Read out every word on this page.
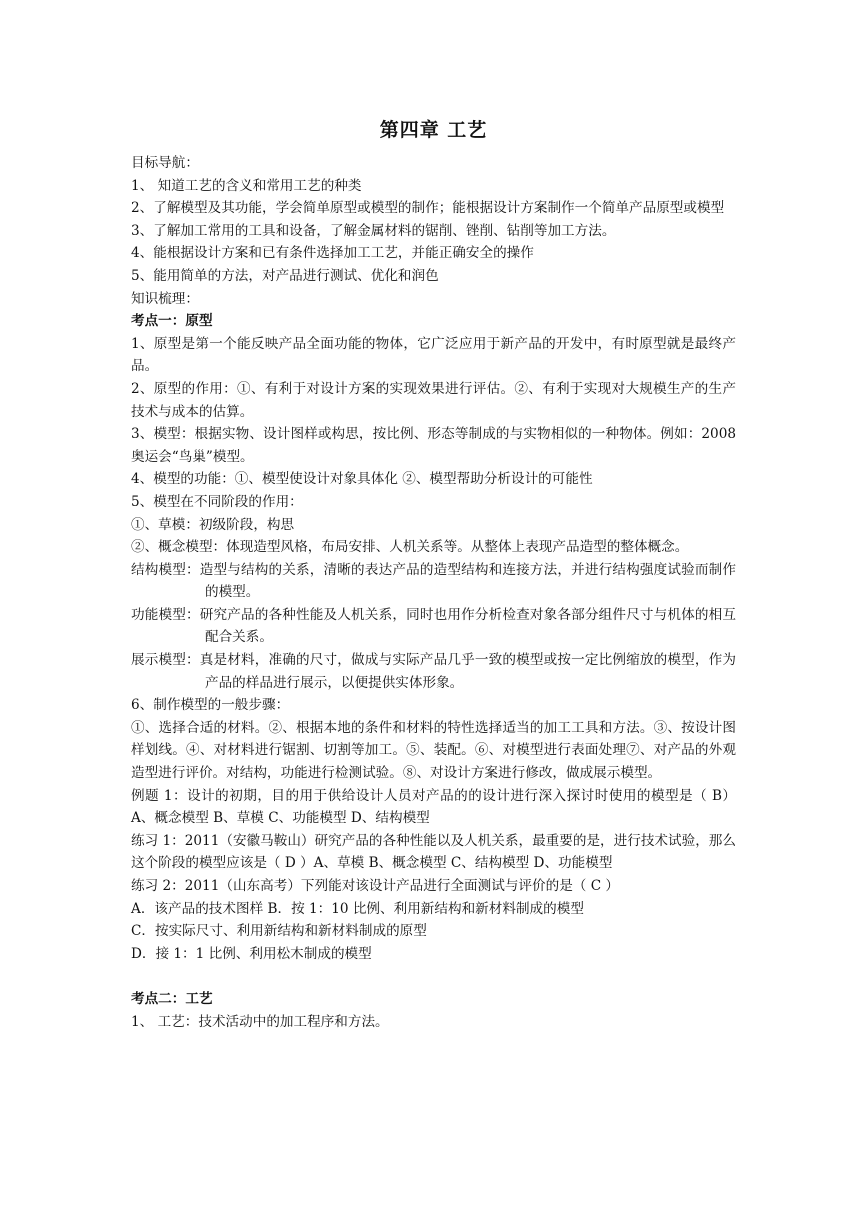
第四章 工艺

目标导航：

1、 知道工艺的含义和常用工艺的种类

2、了解模型及其功能，学会简单原型或模型的制作；能根据设计方案制作一个简单产品原型或模型

3、了解加工常用的工具和设备，了解金属材料的锯削、锉削、钻削等加工方法。

4、能根据设计方案和已有条件选择加工工艺，并能正确安全的操作

5、能用简单的方法，对产品进行测试、优化和润色

知识梳理：

考点一：原型

1、原型是第一个能反映产品全面功能的物体，它广泛应用于新产品的开发中，有时原型就是最终产品。

2、原型的作用：①、有利于对设计方案的实现效果进行评估。②、有利于实现对大规模生产的生产技术与成本的估算。

3、模型：根据实物、设计图样或构思，按比例、形态等制成的与实物相似的一种物体。例如：2008奥运会“鸟巢”模型。

4、模型的功能：①、模型使设计对象具体化 ②、模型帮助分析设计的可能性

5、模型在不同阶段的作用：

①、草模：初级阶段，构思

②、概念模型：体现造型风格，布局安排、人机关系等。从整体上表现产品造型的整体概念。

结构模型：造型与结构的关系，清晰的表达产品的造型结构和连接方法，并进行结构强度试验而制作的模型。

功能模型：研究产品的各种性能及人机关系，同时也用作分析检查对象各部分组件尺寸与机体的相互配合关系。

展示模型：真是材料，准确的尺寸，做成与实际产品几乎一致的模型或按一定比例缩放的模型，作为产品的样品进行展示，以便提供实体形象。

6、制作模型的一般步骤：

①、选择合适的材料。②、根据本地的条件和材料的特性选择适当的加工工具和方法。③、按设计图样划线。④、对材料进行锯割、切割等加工。⑤、装配。⑥、对模型进行表面处理⑦、对产品的外观造型进行评价。对结构，功能进行检测试验。⑧、对设计方案进行修改，做成展示模型。

例题 1：设计的初期，目的用于供给设计人员对产品的的设计进行深入探讨时使用的模型是（ B）A、概念模型 B、草模 C、功能模型 D、结构模型

练习 1：2011（安徽马鞍山）研究产品的各种性能以及人机关系，最重要的是，进行技术试验，那么这个阶段的模型应该是（ D ）A、草模 B、概念模型 C、结构模型 D、功能模型

练习 2：2011（山东高考）下列能对该设计产品进行全面测试与评价的是（ C ）

A．该产品的技术图样 B．按 1：10 比例、利用新结构和新材料制成的模型

C．按实际尺寸、利用新结构和新材料制成的原型

D．接 1：1 比例、利用松木制成的模型

考点二：工艺

1、 工艺：技术活动中的加工程序和方法。
